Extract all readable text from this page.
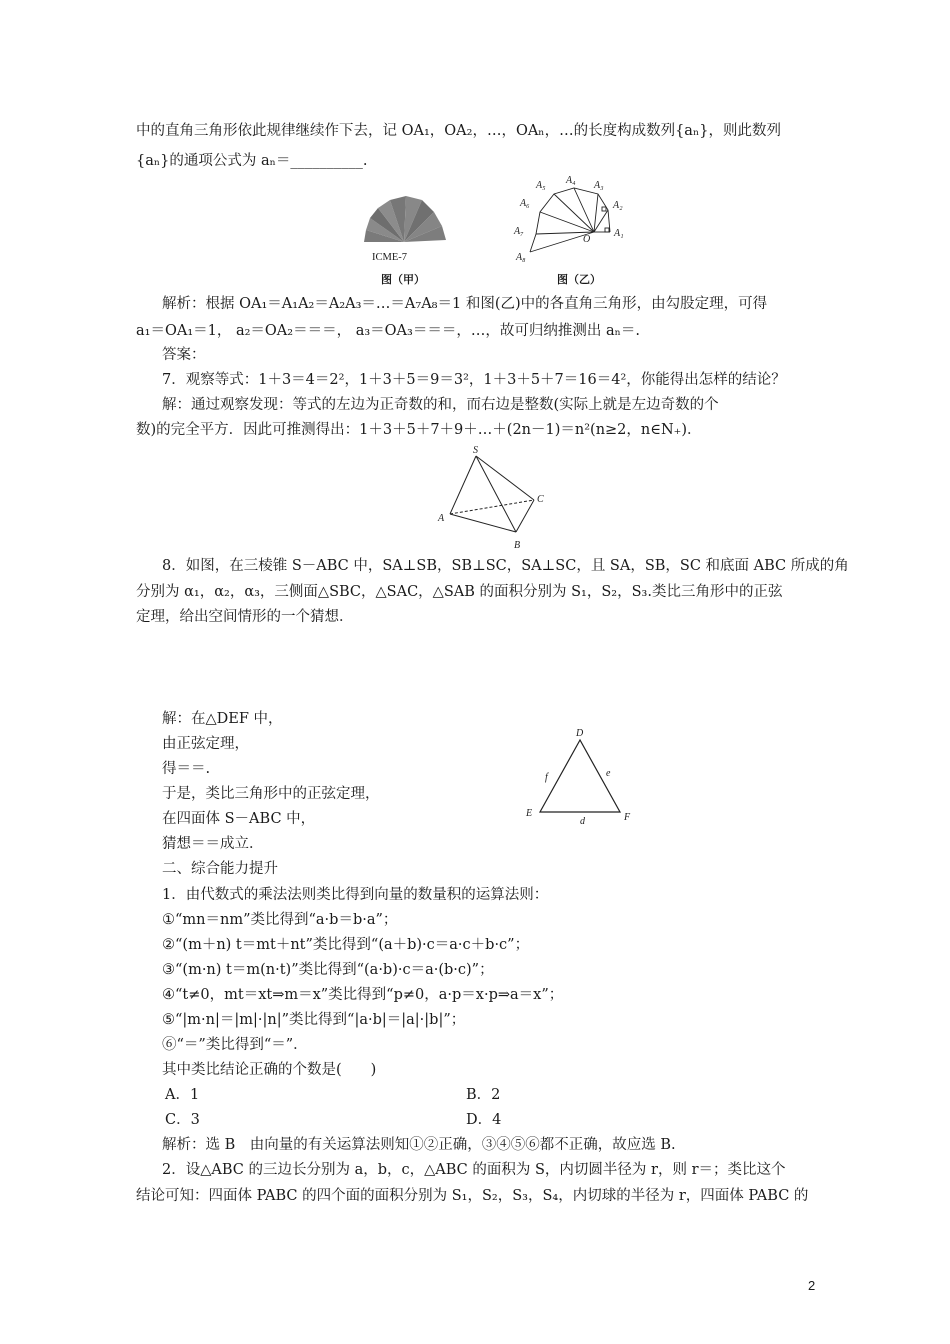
中的直角三角形依此规律继续作下去，记 OA₁，OA₂，…，OAₙ，…的长度构成数列{aₙ}，则此数列
{aₙ}的通项公式为 aₙ＝__________.
ICME-7
图（甲）
A₅ A₄ A₃
A₆	A₂
A₇
O
A₁
A₈
图（乙）
解析：根据 OA₁＝A₁A₂＝A₂A₃＝…＝A₇A₈＝1 和图(乙)中的各直角三角形，由勾股定理，可得
a₁＝OA₁＝1， a₂＝OA₂＝＝＝， a₃＝OA₃＝＝＝，…，故可归纳推测出 aₙ＝.
答案：
7．观察等式：1＋3＝4＝2²，1＋3＋5＝9＝3²，1＋3＋5＋7＝16＝4²，你能得出怎样的结论？
解：通过观察发现：等式的左边为正奇数的和，而右边是整数(实际上就是左边奇数的个
数)的完全平方．因此可推测得出：1＋3＋5＋7＋9＋…＋(2n－1)＝n²(n≥2，n∈N₊)．
S
C
A
B
8．如图，在三棱锥 S－ABC 中，SA⊥SB，SB⊥SC，SA⊥SC，且 SA，SB，SC 和底面 ABC 所成的角
分别为 α₁，α₂，α₃，三侧面△SBC，△SAC，△SAB 的面积分别为 S₁，S₂，S₃.类比三角形中的正弦
定理，给出空间情形的一个猜想．
解：在△DEF 中，
由正弦定理，
得＝＝.
于是，类比三角形中的正弦定理，
在四面体 S－ABC 中，
猜想＝＝成立．
D
E	F
f	e
d
二、综合能力提升
1．由代数式的乘法法则类比得到向量的数量积的运算法则：
①“mn＝nm”类比得到“a·b＝b·a”；
②“(m＋n) t＝mt＋nt”类比得到“(a＋b)·c＝a·c＋b·c”；
③“(m·n) t＝m(n·t)”类比得到“(a·b)·c＝a·(b·c)”；
④“t≠0，mt＝xt⇒m＝x”类比得到“p≠0，a·p＝x·p⇒a＝x”；
⑤“|m·n|＝|m|·|n|”类比得到“|a·b|＝|a|·|b|”；
⑥“＝”类比得到“＝”．
其中类比结论正确的个数是(　　)
A．1	B．2
C．3	D．4
解析：选 B　由向量的有关运算法则知①②正确，③④⑤⑥都不正确，故应选 B.
2．设△ABC 的三边长分别为 a，b，c，△ABC 的面积为 S，内切圆半径为 r，则 r＝；类比这个
结论可知：四面体 PABC 的四个面的面积分别为 S₁，S₂，S₃，S₄，内切球的半径为 r，四面体 PABC 的
2
